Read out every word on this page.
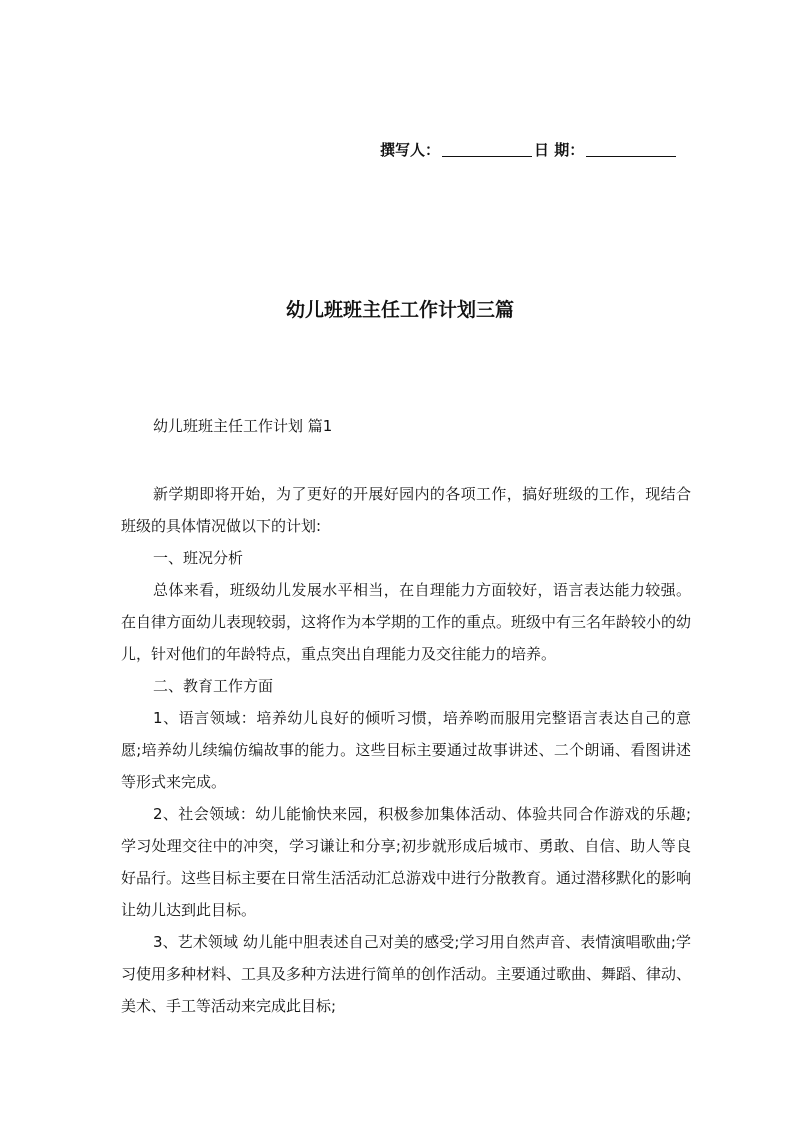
撰写人：	日 期：
幼儿班班主任工作计划三篇
幼儿班班主任工作计划 篇1

新学期即将开始，为了更好的开展好园内的各项工作，搞好班级的工作，现结合班级的具体情况做以下的计划:

一、班况分析

总体来看，班级幼儿发展水平相当，在自理能力方面较好，语言表达能力较强。在自律方面幼儿表现较弱，这将作为本学期的工作的重点。班级中有三名年龄较小的幼儿，针对他们的年龄特点，重点突出自理能力及交往能力的培养。

二、教育工作方面

1、语言领域：培养幼儿良好的倾听习惯，培养哟而服用完整语言表达自己的意愿;培养幼儿续编仿编故事的能力。这些目标主要通过故事讲述、二个朗诵、看图讲述等形式来完成。

2、社会领域：幼儿能愉快来园，积极参加集体活动、体验共同合作游戏的乐趣;学习处理交往中的冲突，学习谦让和分享;初步就形成后城市、勇敢、自信、助人等良好品行。这些目标主要在日常生活活动汇总游戏中进行分散教育。通过潜移默化的影响让幼儿达到此目标。

3、艺术领域 幼儿能中胆表述自己对美的感受;学习用自然声音、表情演唱歌曲;学习使用多种材料、工具及多种方法进行简单的创作活动。主要通过歌曲、舞蹈、律动、美术、手工等活动来完成此目标;
